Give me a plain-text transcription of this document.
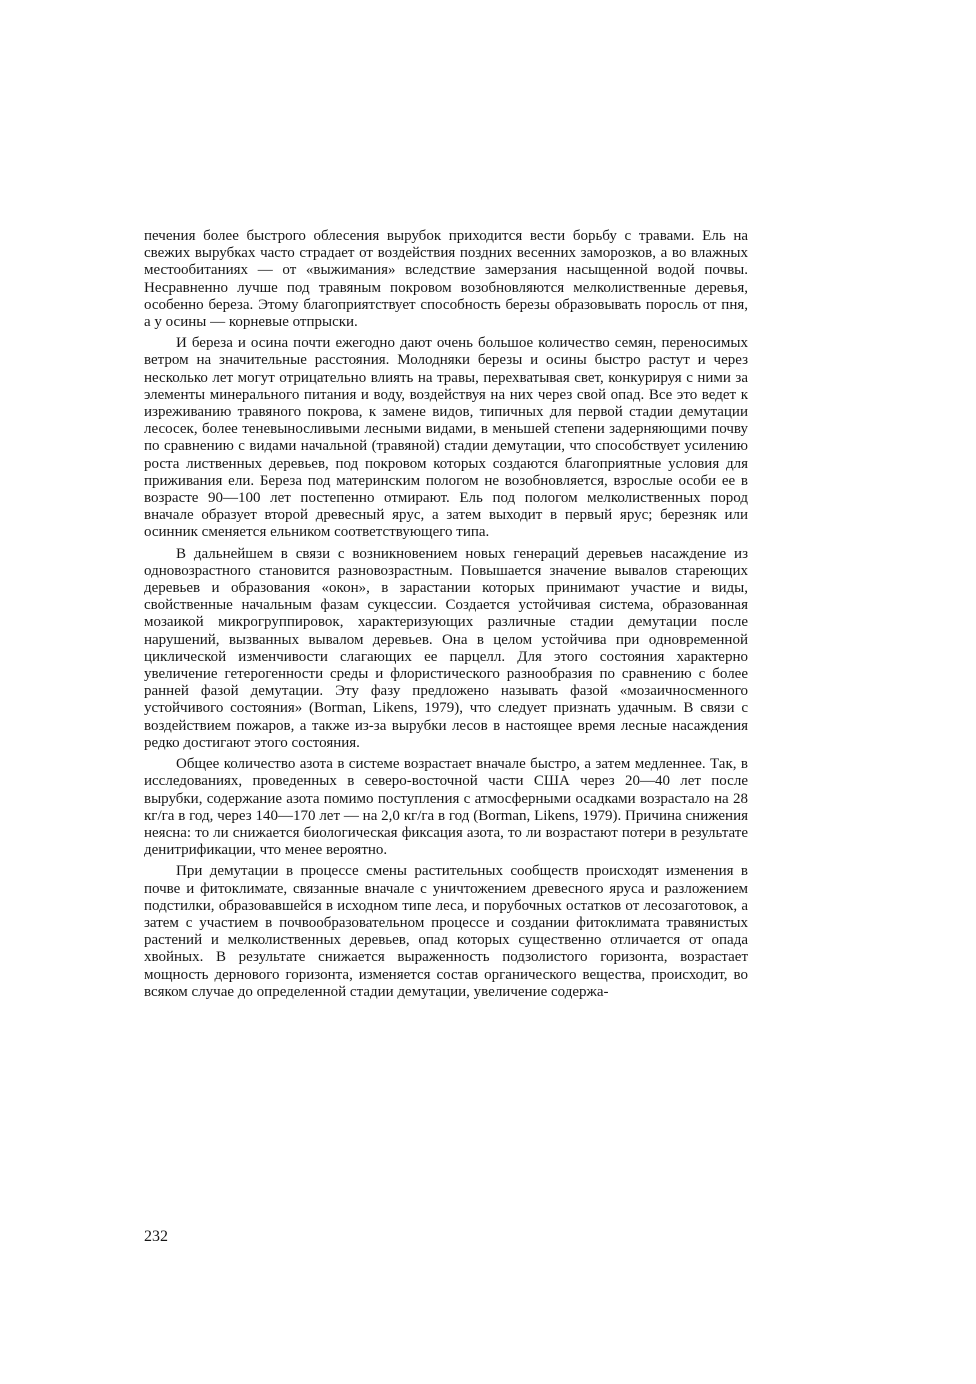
печения более быстрого облесения вырубок приходится вести борьбу с травами. Ель на свежих вырубках часто страдает от воздействия поздних весенних заморозков, а во влажных местообитаниях — от «выжимания» вследствие замерзания насыщенной водой почвы. Несравненно лучше под травяным покровом возобновляются мелколиственные деревья, особенно береза. Этому благоприятствует способность березы образовывать поросль от пня, а у осины — корневые отпрыски.

И береза и осина почти ежегодно дают очень большое количество семян, переносимых ветром на значительные расстояния. Молодняки березы и осины быстро растут и через несколько лет могут отрицательно влиять на травы, перехватывая свет, конкурируя с ними за элементы минерального питания и воду, воздействуя на них через свой опад. Все это ведет к изреживанию травяного покрова, к замене видов, типичных для первой стадии демутации лесосек, более теневыносливыми лесными видами, в меньшей степени задерняющими почву по сравнению с видами начальной (травяной) стадии демутации, что способствует усилению роста лиственных деревьев, под покровом которых создаются благоприятные условия для приживания ели. Береза под материнским пологом не возобновляется, взрослые особи ее в возрасте 90—100 лет постепенно отмирают. Ель под пологом мелколиственных пород вначале образует второй древесный ярус, а затем выходит в первый ярус; березняк или осинник сменяется ельником соответствующего типа.

В дальнейшем в связи с возникновением новых генераций деревьев насаждение из одновозрастного становится разновозрастным. Повышается значение вывалов стареющих деревьев и образования «окон», в зарастании которых принимают участие и виды, свойственные начальным фазам сукцессии. Создается устойчивая система, образованная мозаикой микрогруппировок, характеризующих различные стадии демутации после нарушений, вызванных вывалом деревьев. Она в целом устойчива при одновременной циклической изменчивости слагающих ее парцелл. Для этого состояния характерно увеличение гетерогенности среды и флористического разнообразия по сравнению с более ранней фазой демутации. Эту фазу предложено называть фазой «мозаичносменного устойчивого состояния» (Borman, Likens, 1979), что следует признать удачным. В связи с воздействием пожаров, а также из-за вырубки лесов в настоящее время лесные насаждения редко достигают этого состояния.

Общее количество азота в системе возрастает вначале быстро, а затем медленнее. Так, в исследованиях, проведенных в северо-восточной части США через 20—40 лет после вырубки, содержание азота помимо поступления с атмосферными осадками возрастало на 28 кг/га в год, через 140—170 лет — на 2,0 кг/га в год (Borman, Likens, 1979). Причина снижения неясна: то ли снижается биологическая фиксация азота, то ли возрастают потери в результате денитрификации, что менее вероятно.

При демутации в процессе смены растительных сообществ происходят изменения в почве и фитоклимате, связанные вначале с уничтожением древесного яруса и разложением подстилки, образовавшейся в исходном типе леса, и порубочных остатков от лесозаготовок, а затем с участием в почвообразовательном процессе и создании фитоклимата травянистых растений и мелколиственных деревьев, опад которых существенно отличается от опада хвойных. В результате снижается выраженность подзолистого горизонта, возрастает мощность дернового горизонта, изменяется состав органического вещества, происходит, во всяком случае до определенной стадии демутации, увеличение содержа-

232
